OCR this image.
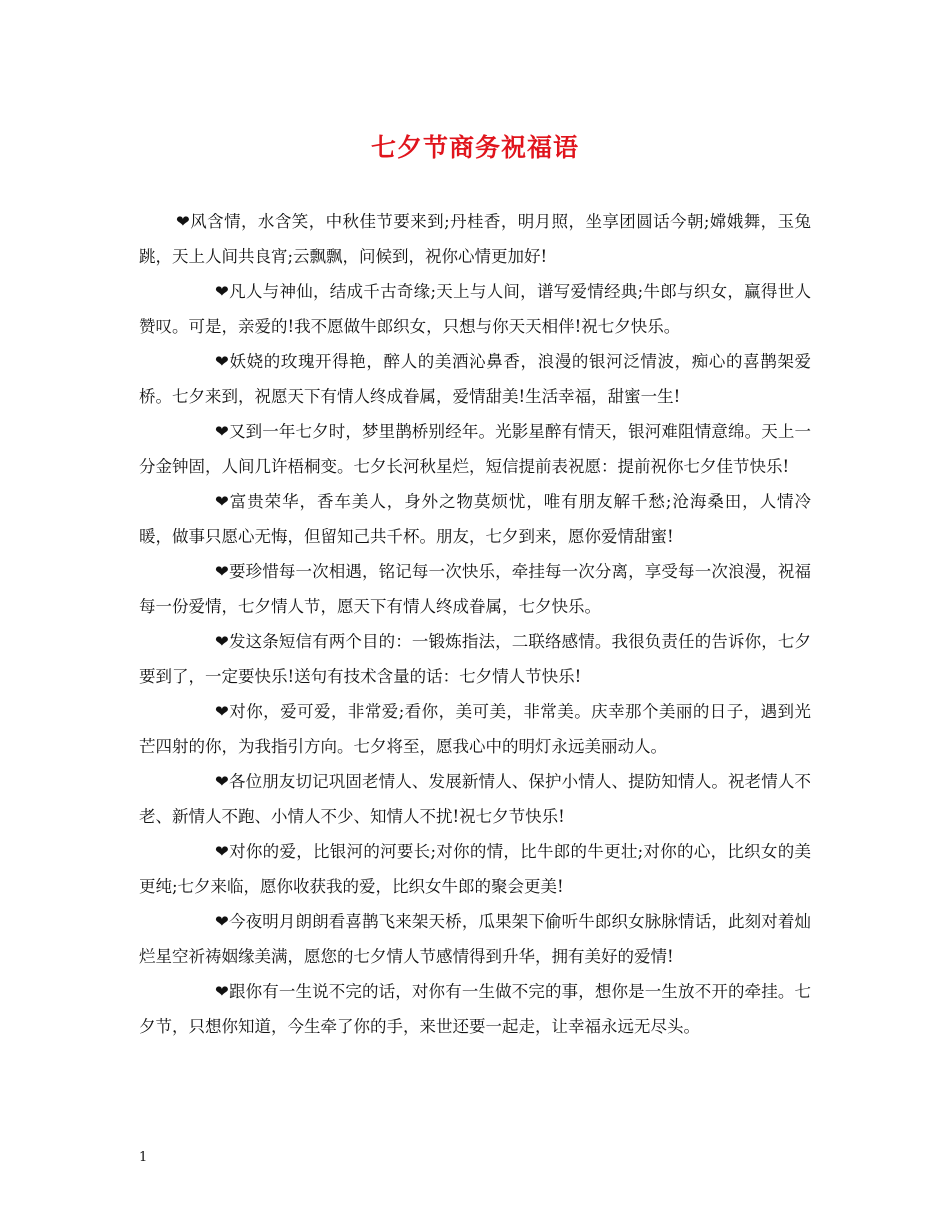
七夕节商务祝福语

❤风含情，水含笑，中秋佳节要来到;丹桂香，明月照，坐享团圆话今朝;嫦娥舞，玉兔跳，天上人间共良宵;云飘飘，问候到，祝你心情更加好!

❤凡人与神仙，结成千古奇缘;天上与人间，谱写爱情经典;牛郎与织女，赢得世人赞叹。可是，亲爱的!我不愿做牛郎织女，只想与你天天相伴!祝七夕快乐。

❤妖娆的玫瑰开得艳，醉人的美酒沁鼻香，浪漫的银河泛情波，痴心的喜鹊架爱桥。七夕来到，祝愿天下有情人终成眷属，爱情甜美!生活幸福，甜蜜一生!

❤又到一年七夕时，梦里鹊桥别经年。光影星醉有情天，银河难阻情意绵。天上一分金钟固，人间几许梧桐变。七夕长河秋星烂，短信提前表祝愿：提前祝你七夕佳节快乐!

❤富贵荣华，香车美人，身外之物莫烦忧，唯有朋友解千愁;沧海桑田，人情冷暖，做事只愿心无悔，但留知己共千杯。朋友，七夕到来，愿你爱情甜蜜!

❤要珍惜每一次相遇，铭记每一次快乐，牵挂每一次分离，享受每一次浪漫，祝福每一份爱情，七夕情人节，愿天下有情人终成眷属，七夕快乐。

❤发这条短信有两个目的：一锻炼指法，二联络感情。我很负责任的告诉你，七夕要到了，一定要快乐!送句有技术含量的话：七夕情人节快乐!

❤对你，爱可爱，非常爱;看你，美可美，非常美。庆幸那个美丽的日子，遇到光芒四射的你，为我指引方向。七夕将至，愿我心中的明灯永远美丽动人。

❤各位朋友切记巩固老情人、发展新情人、保护小情人、提防知情人。祝老情人不老、新情人不跑、小情人不少、知情人不扰!祝七夕节快乐!

❤对你的爱，比银河的河要长;对你的情，比牛郎的牛更壮;对你的心，比织女的美更纯;七夕来临，愿你收获我的爱，比织女牛郎的聚会更美!

❤今夜明月朗朗看喜鹊飞来架天桥，瓜果架下偷听牛郎织女脉脉情话，此刻对着灿烂星空祈祷姻缘美满，愿您的七夕情人节感情得到升华，拥有美好的爱情!

❤跟你有一生说不完的话，对你有一生做不完的事，想你是一生放不开的牵挂。七夕节，只想你知道，今生牵了你的手，来世还要一起走，让幸福永远无尽头。

1
